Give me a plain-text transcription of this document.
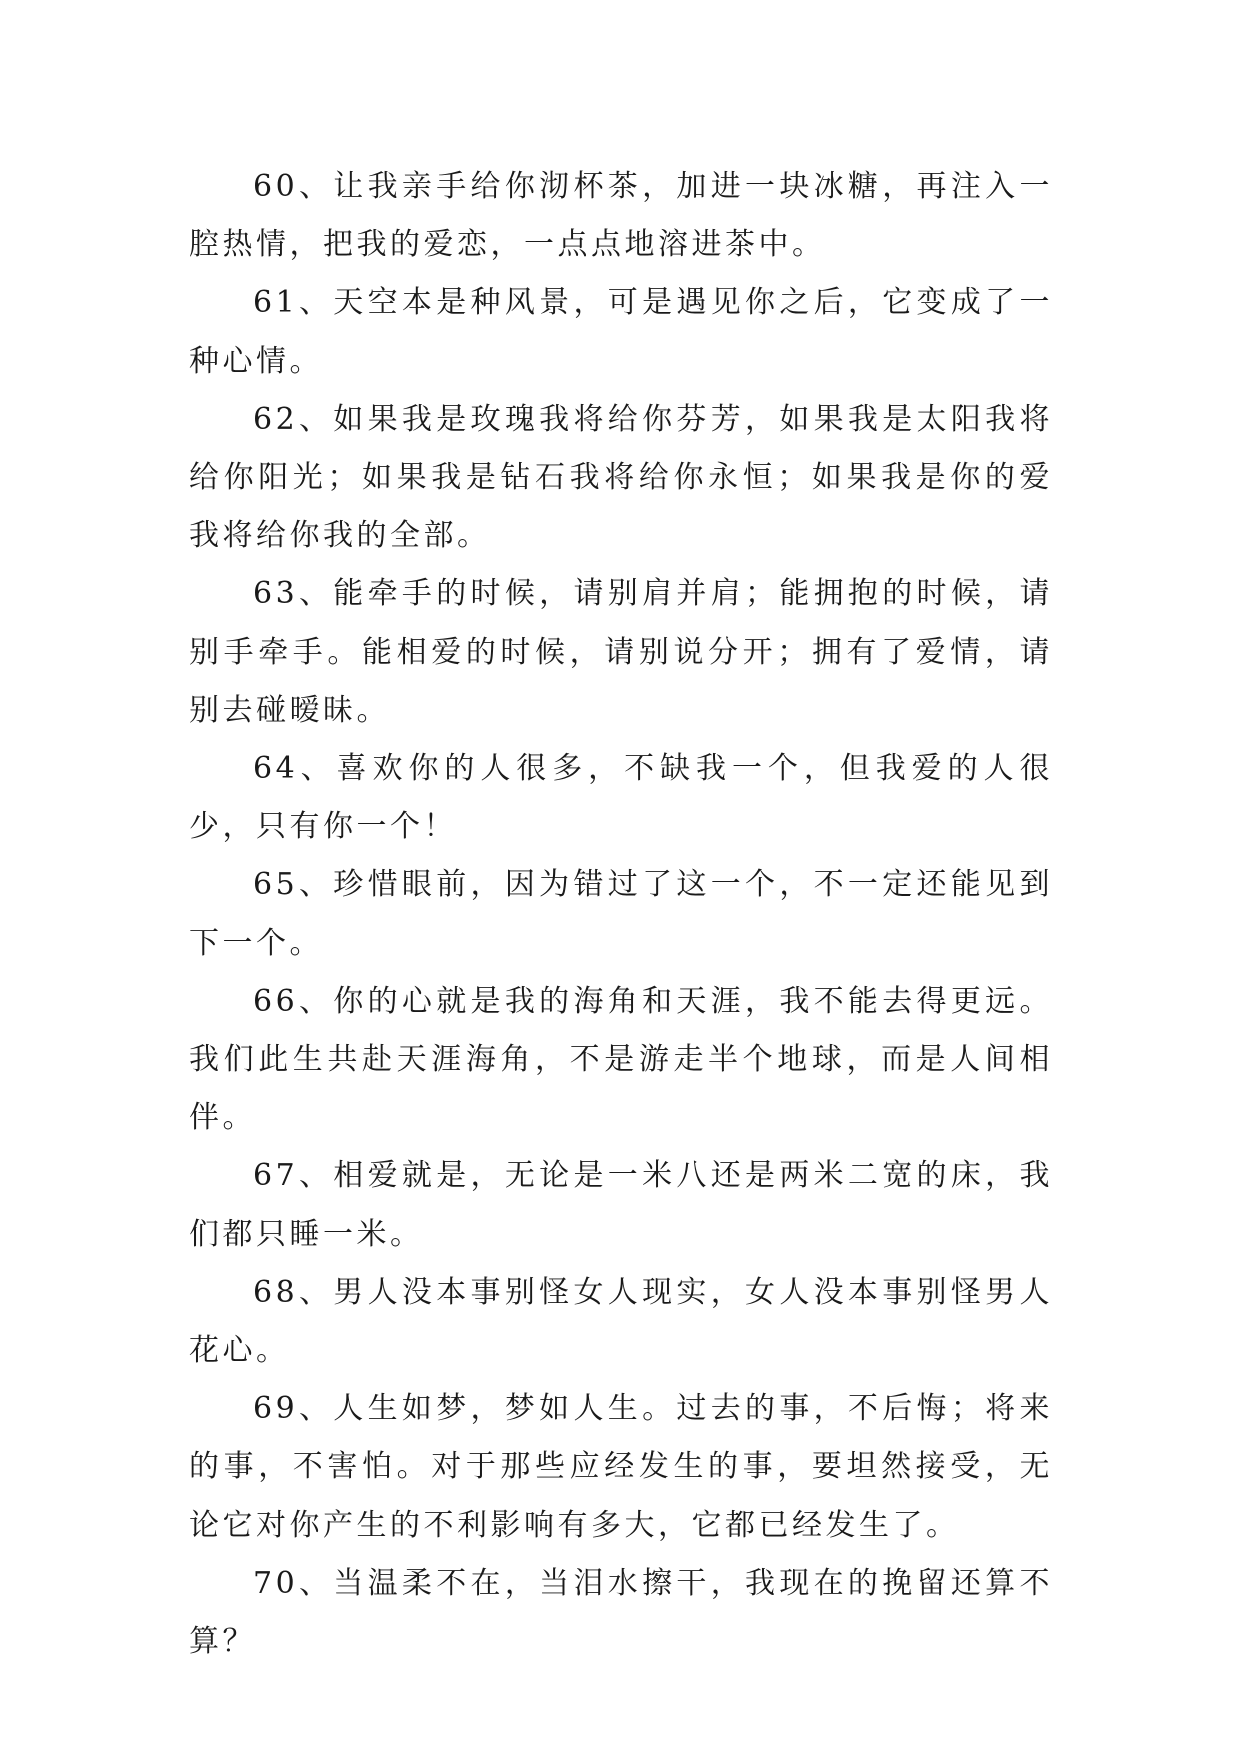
60、让我亲手给你沏杯茶，加进一块冰糖，再注入一腔热情，把我的爱恋，一点点地溶进茶中。

61、天空本是种风景，可是遇见你之后，它变成了一种心情。

62、如果我是玫瑰我将给你芬芳，如果我是太阳我将给你阳光；如果我是钻石我将给你永恒；如果我是你的爱我将给你我的全部。

63、能牵手的时候，请别肩并肩；能拥抱的时候，请别手牵手。能相爱的时候，请别说分开；拥有了爱情，请别去碰暧昧。

64、喜欢你的人很多，不缺我一个，但我爱的人很少，只有你一个！

65、珍惜眼前，因为错过了这一个，不一定还能见到下一个。

66、你的心就是我的海角和天涯，我不能去得更远。我们此生共赴天涯海角，不是游走半个地球，而是人间相伴。

67、相爱就是，无论是一米八还是两米二宽的床，我们都只睡一米。

68、男人没本事别怪女人现实，女人没本事别怪男人花心。

69、人生如梦，梦如人生。过去的事，不后悔；将来的事，不害怕。对于那些应经发生的事，要坦然接受，无论它对你产生的不利影响有多大，它都已经发生了。

70、当温柔不在，当泪水擦干，我现在的挽留还算不算？
